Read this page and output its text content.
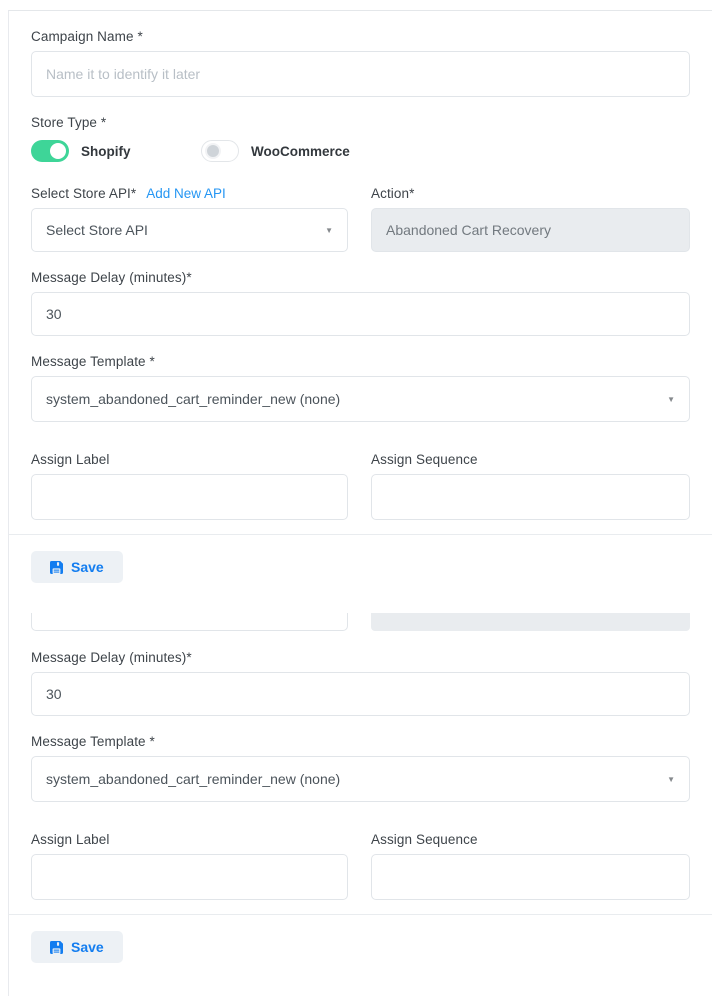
Campaign Name *
Name it to identify it later
Store Type *
Shopify	WooCommerce
Select Store API* Add New API
Select Store API	▼
Action*
Abandoned Cart Recovery
Message Delay (minutes)*
30
Message Template *
system_abandoned_cart_reminder_new (none)	▼
Assign Label	Assign Sequence
Save
Message Delay (minutes)*
30
Message Template *
system_abandoned_cart_reminder_new (none)	▼
Assign Label	Assign Sequence
Save
